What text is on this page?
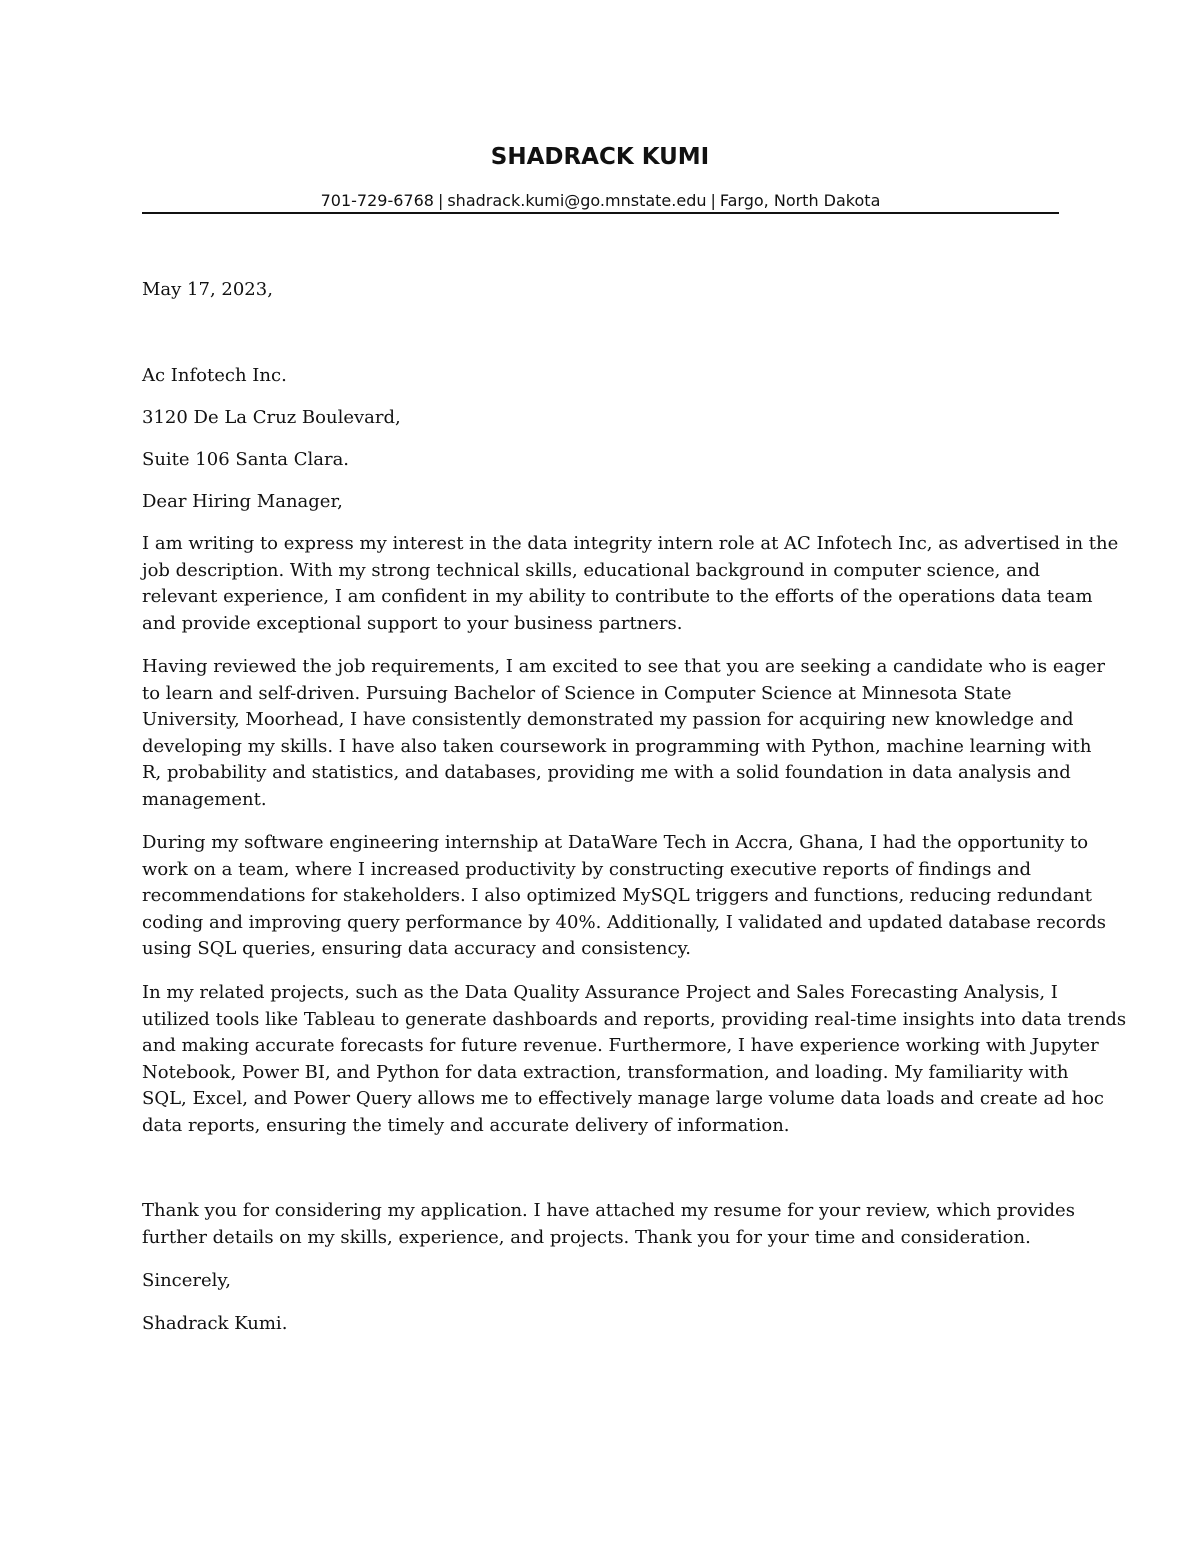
SHADRACK KUMI
701-729-6768 | shadrack.kumi@go.mnstate.edu | Fargo, North Dakota
May 17, 2023,
Ac Infotech Inc.
3120 De La Cruz Boulevard,
Suite 106 Santa Clara.
Dear Hiring Manager,
I am writing to express my interest in the data integrity intern role at AC Infotech Inc, as advertised in the
job description. With my strong technical skills, educational background in computer science, and
relevant experience, I am confident in my ability to contribute to the efforts of the operations data team
and provide exceptional support to your business partners.
Having reviewed the job requirements, I am excited to see that you are seeking a candidate who is eager
to learn and self-driven. Pursuing Bachelor of Science in Computer Science at Minnesota State
University, Moorhead, I have consistently demonstrated my passion for acquiring new knowledge and
developing my skills. I have also taken coursework in programming with Python, machine learning with
R, probability and statistics, and databases, providing me with a solid foundation in data analysis and
management.
During my software engineering internship at DataWare Tech in Accra, Ghana, I had the opportunity to
work on a team, where I increased productivity by constructing executive reports of findings and
recommendations for stakeholders. I also optimized MySQL triggers and functions, reducing redundant
coding and improving query performance by 40%. Additionally, I validated and updated database records
using SQL queries, ensuring data accuracy and consistency.
In my related projects, such as the Data Quality Assurance Project and Sales Forecasting Analysis, I
utilized tools like Tableau to generate dashboards and reports, providing real-time insights into data trends
and making accurate forecasts for future revenue. Furthermore, I have experience working with Jupyter
Notebook, Power BI, and Python for data extraction, transformation, and loading. My familiarity with
SQL, Excel, and Power Query allows me to effectively manage large volume data loads and create ad hoc
data reports, ensuring the timely and accurate delivery of information.
Thank you for considering my application. I have attached my resume for your review, which provides
further details on my skills, experience, and projects. Thank you for your time and consideration.
Sincerely,
Shadrack Kumi.
